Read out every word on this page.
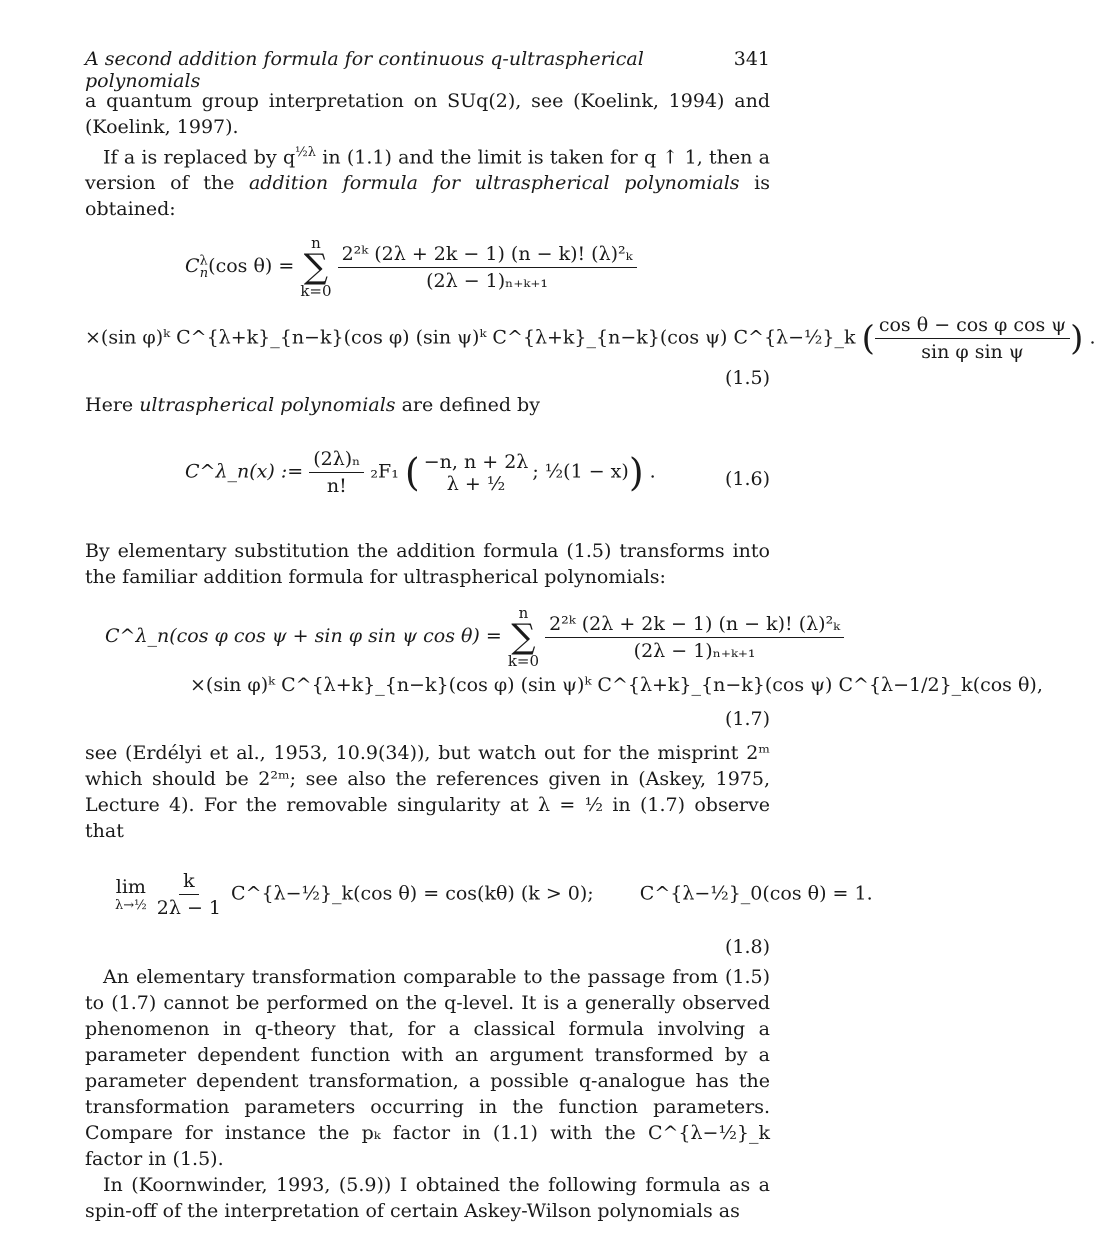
A second addition formula for continuous q-ultraspherical polynomials
341

a quantum group interpretation on SUq(2), see (Koelink, 1994) and (Koelink, 1997).

If a is replaced by $q^{\frac{1}{2}\lambda}$ in (1.1) and the limit is taken for q ↑ 1, then a version of the addition formula for ultraspherical polynomials is obtained:

$C^\lambda_n(\cos$ θ) =
n
∑
k=0
$\frac{\text{2²ᵏ (2λ + 2k − 1) (n − k)! (λ)²ₖ}}{\text{(2λ − 1)ₙ₊ₖ₊₁}}$
×(sin φ)ᵏ C^{λ+k}_{n−k}(cos φ) (sin ψ)ᵏ C^{λ+k}_{n−k}(cos ψ) C^{λ−½}_k ( $\frac{\text{cos θ − cos φ cos ψ}}{\text{sin φ sin ψ}}$ ) .
(1.5)

Here ultraspherical polynomials are defined by

C^λ_n(x) := $\frac{\text{(2λ)ₙ}}{n!} _2F_1$ ( −n, n + 2λ
λ + ½
; ½(1 − x)) .	(1.6)

By elementary substitution the addition formula (1.5) transforms into the familiar addition formula for ultraspherical polynomials:

C^λ_n(cos φ cos ψ + sin φ sin ψ cos θ) =
n
∑
k=0
$\frac{\text{2²ᵏ (2λ + 2k − 1) (n − k)! (λ)²ₖ}}{\text{(2λ − 1)ₙ₊ₖ₊₁}}$
×(sin φ)ᵏ C^{λ+k}_{n−k}(cos φ) (sin ψ)ᵏ C^{λ+k}_{n−k}(cos ψ) C^{λ−1/2}_k(cos θ),
(1.7)

see (Erdélyi et al., 1953, 10.9(34)), but watch out for the misprint 2ᵐ which should be 2²ᵐ; see also the references given in (Askey, 1975, Lecture 4). For the removable singularity at λ = ½ in (1.7) observe that

lim
λ→½
$\frac{k}{2\lambda - 1}$ C^{λ−½}_k(cos θ) = cos(kθ) (k > 0); C^{λ−½}_0(cos θ) = 1.
(1.8)

An elementary transformation comparable to the passage from (1.5) to (1.7) cannot be performed on the q-level. It is a generally observed phenomenon in q-theory that, for a classical formula involving a parameter dependent function with an argument transformed by a parameter dependent transformation, a possible q-analogue has the transformation parameters occurring in the function parameters. Compare for instance the pₖ factor in (1.1) with the C^{λ−½}_k factor in (1.5).

In (Koornwinder, 1993, (5.9)) I obtained the following formula as a spin-off of the interpretation of certain Askey-Wilson polynomials as
